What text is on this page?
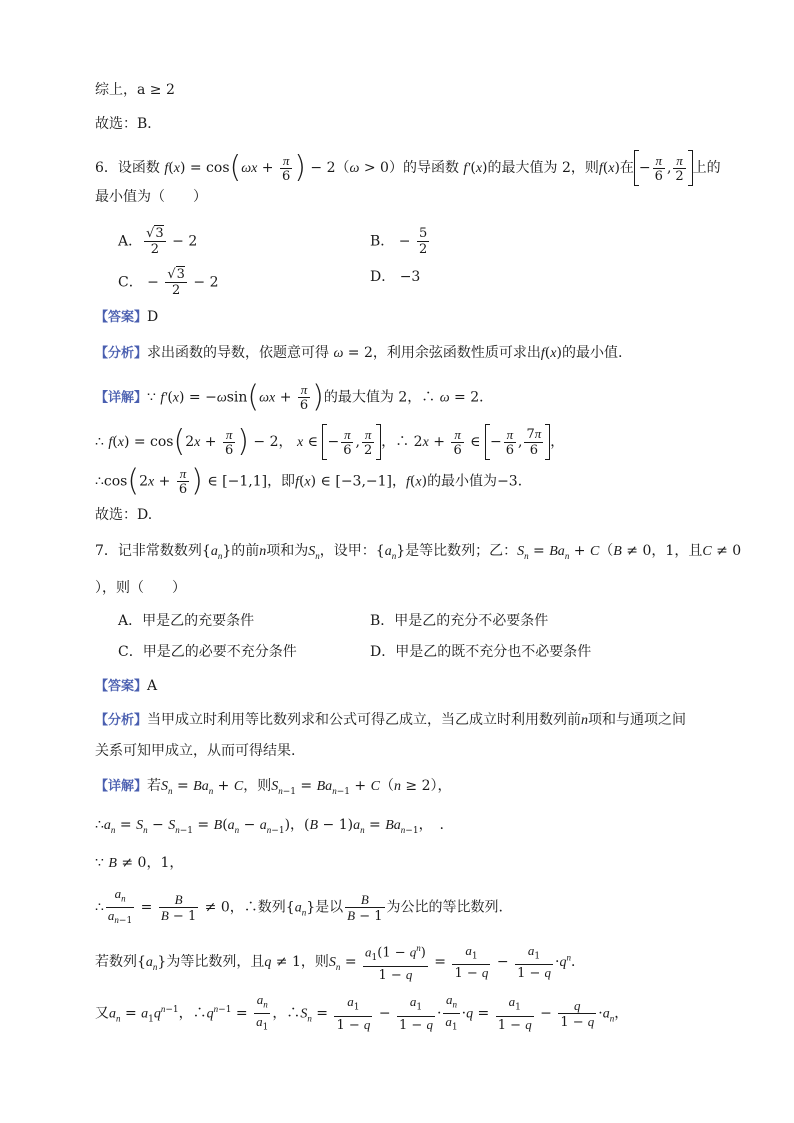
综上，a ≥ 2
故选：B．
6．设函数 $f(x) = \cos(\omega x + \frac{\pi}{6}$ ) − 2（ω > 0）的导函数 f′(x)的最大值为 2，则f(x)在 − $\frac{\pi}{6}$ , $\frac{\pi}{2}$ 上的
最小值为（　　）
A． $\frac{√3}{2} - 2$	B． − $\frac{5}{2}$
C． − $\frac{√3}{2} - 2$	D． −3
【答案】D
【分析】求出函数的导数，依题意可得 ω = 2，利用余弦函数性质可求出f(x)的最小值.
【详解】∵ $f'(x) = -\omega\sin(\omega x + \frac{\pi}{6}$ )的最大值为 2，∴ ω = 2．
∴ $f(x) = \cos(2x + \frac{\pi}{6}$ ) − 2， x ∈ − $\frac{\pi}{6}$ , $\frac{\pi}{2}$ ，∴ $2x + \frac{\pi}{6}$ ∈ − $\frac{\pi}{6}$ , $\frac{7\pi}{6}$ ，
∴cos(2x + $\frac{\pi}{6}$ ) ∈ [−1,1]，即f(x) ∈ [−3,−1]，f(x)的最小值为−3．
故选：D.
7．记非常数数列$\{a_n\}$的前n项和为$S_n$，设甲：$\{a_n\}$是等比数列；乙：$S_n = Ba_n + C(B \ne 0$，1，且C ≠ 0
），则（　　）
A．甲是乙的充要条件	B．甲是乙的充分不必要条件
C．甲是乙的必要不充分条件	D．甲是乙的既不充分也不必要条件
【答案】A
【分析】当甲成立时利用等比数列求和公式可得乙成立，当乙成立时利用数列前n项和与通项之间
关系可知甲成立，从而可得结果.
【详解】若$S_n = Ba_n + C$，则$S_{n-1} = Ba_{n-1} + C(n \ge 2)$，
$\therefore a_n = S_n - S_{n-1} = B(a_n - a_{n-1})$，$(B - 1)a_n = Ba_{n-1}$，　.
∵ B ≠ 0，1，
∴ $\frac{a_n}{a_{n-1}} = \frac{B}{B - 1} \ne 0$，∴数列$\{a_n\}$是以 $\frac{B}{B - 1}$ 为公比的等比数列.
若数列$\{a_n\}$为等比数列，且q ≠ 1，则$S_n = \frac{a_1(1 - q^n)}{1 - q} = \frac{a_1}{1 - q} - \frac{a_1}{1 - q} \cdot q^n$．
又$a_n = a_1q^{n-1}$，$\therefore q^{n-1} = \frac{a_n}{a_1}$ ，$\therefore S_n = \frac{a_1}{1 - q} - \frac{a_1}{1 - q} \cdot \frac{a_n}{a_1} \cdot q = \frac{a_1}{1 - q} - \frac{q}{1 - q} \cdot a_n$，
